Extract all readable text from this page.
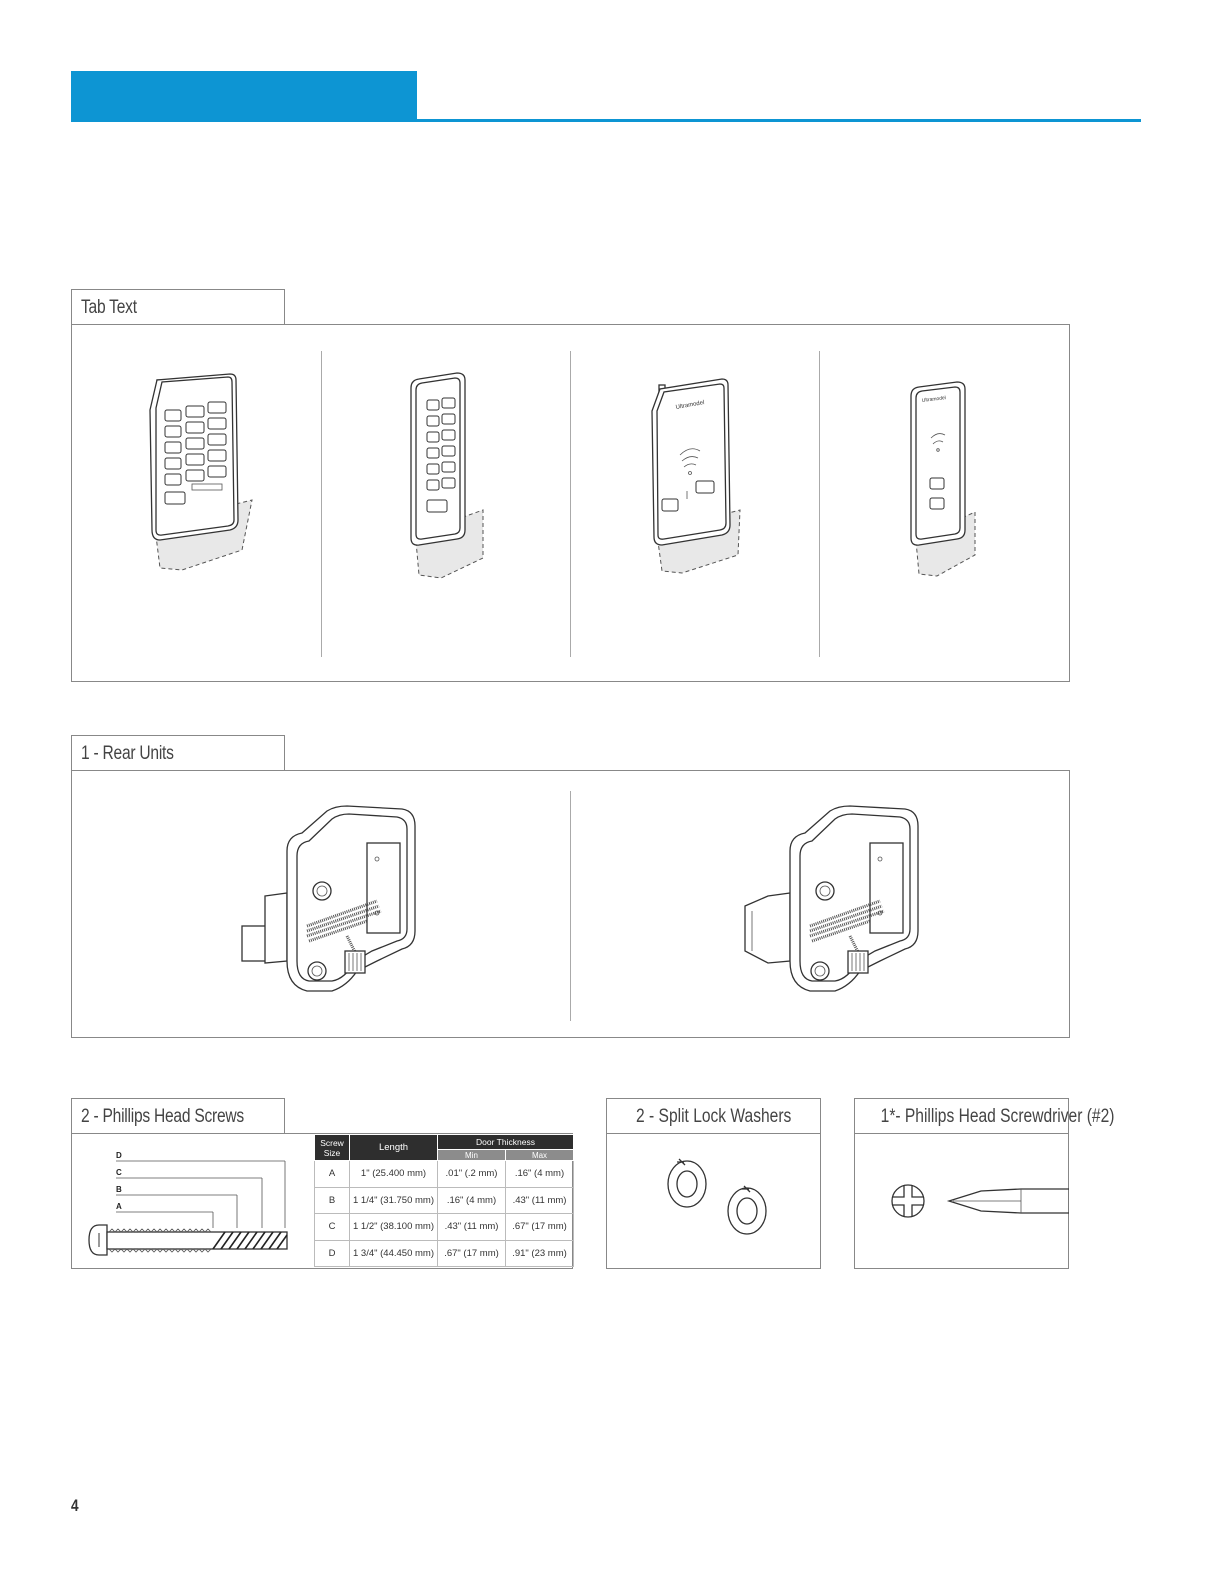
Tab Text
Ultramodel
Ultramodel
1 - Rear Units
2 - Phillips Head Screws
D
C
B
A
Screw Size	Length	Door Thickness	
		Min	Max
A	1" (25.400 mm)	.01" (.2 mm)	.16" (4 mm)
B	1 1/4" (31.750 mm)	.16" (4 mm)	.43" (11 mm)
C	1 1/2" (38.100 mm)	.43" (11 mm)	.67" (17 mm)
D	1 3/4" (44.450 mm)	.67" (17 mm)	.91" (23 mm)
2 - Split Lock Washers	1*- Phillips Head Screwdriver (#2)
4
